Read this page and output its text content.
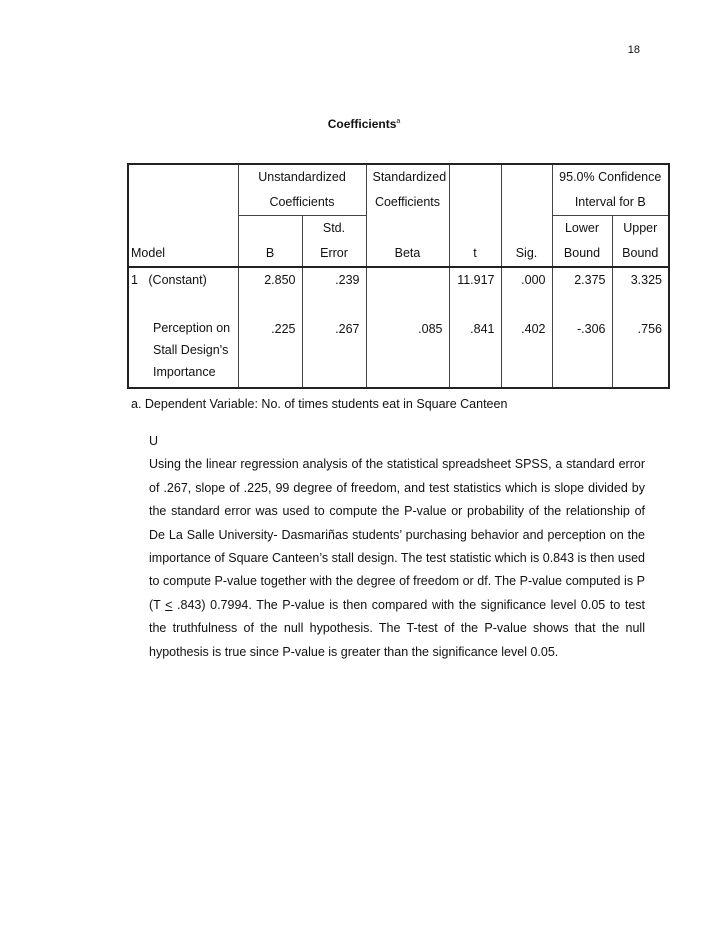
18
Coefficients$^a$
	Unstandardized		Standardized			95.0% Confidence	
	Coefficients		Coefficients			Interval for B	
		Std.				Lower	Upper
Model	B	Error	Beta	t	Sig.	Bound	Bound
1 (Constant)	2.850	.239		11.917	.000	2.375	3.325

Perception on
Stall Design's
Importance	.225	.267	.085	.841	.402	-.306	.756
a. Dependent Variable: No. of times students eat in Square Canteen
U
Using the linear regression analysis of the statistical spreadsheet SPSS, a standard error of .267, slope of .225, 99 degree of freedom, and test statistics which is slope divided by the standard error was used to compute the P-value or probability of the relationship of De La Salle University- Dasmariñas students’ purchasing behavior and perception on the importance of Square Canteen’s stall design. The test statistic which is 0.843 is then used to compute P-value together with the degree of freedom or df. The P-value computed is P (T ≤ .843) 0.7994. The P-value is then compared with the significance level 0.05 to test the truthfulness of the null hypothesis. The T-test of the P-value shows that the null hypothesis is true since P-value is greater than the significance level 0.05.
